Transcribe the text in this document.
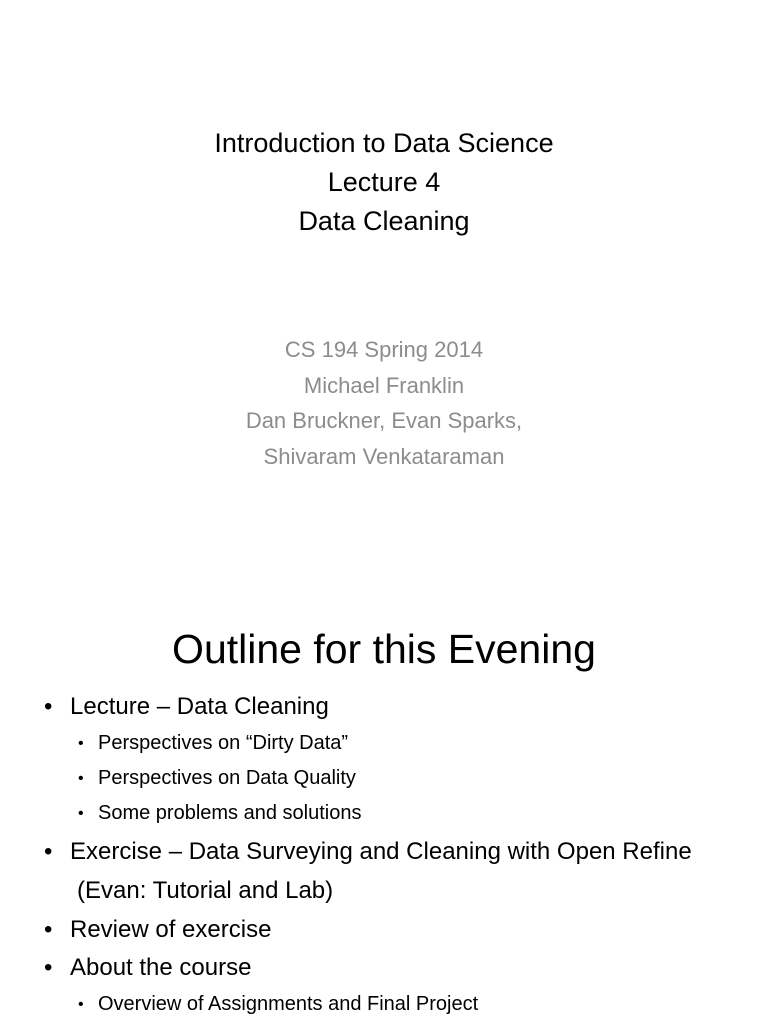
Introduction to Data Science
Lecture 4
Data Cleaning
CS 194 Spring 2014
Michael Franklin
Dan Bruckner, Evan Sparks,
Shivaram Venkataraman
Outline for this Evening
• Lecture – Data Cleaning
• Perspectives on “Dirty Data”
• Perspectives on Data Quality
• Some problems and solutions
• Exercise – Data Surveying and Cleaning with Open Refine
(Evan: Tutorial and Lab)
• Review of exercise
• About the course
• Overview of Assignments and Final Project
